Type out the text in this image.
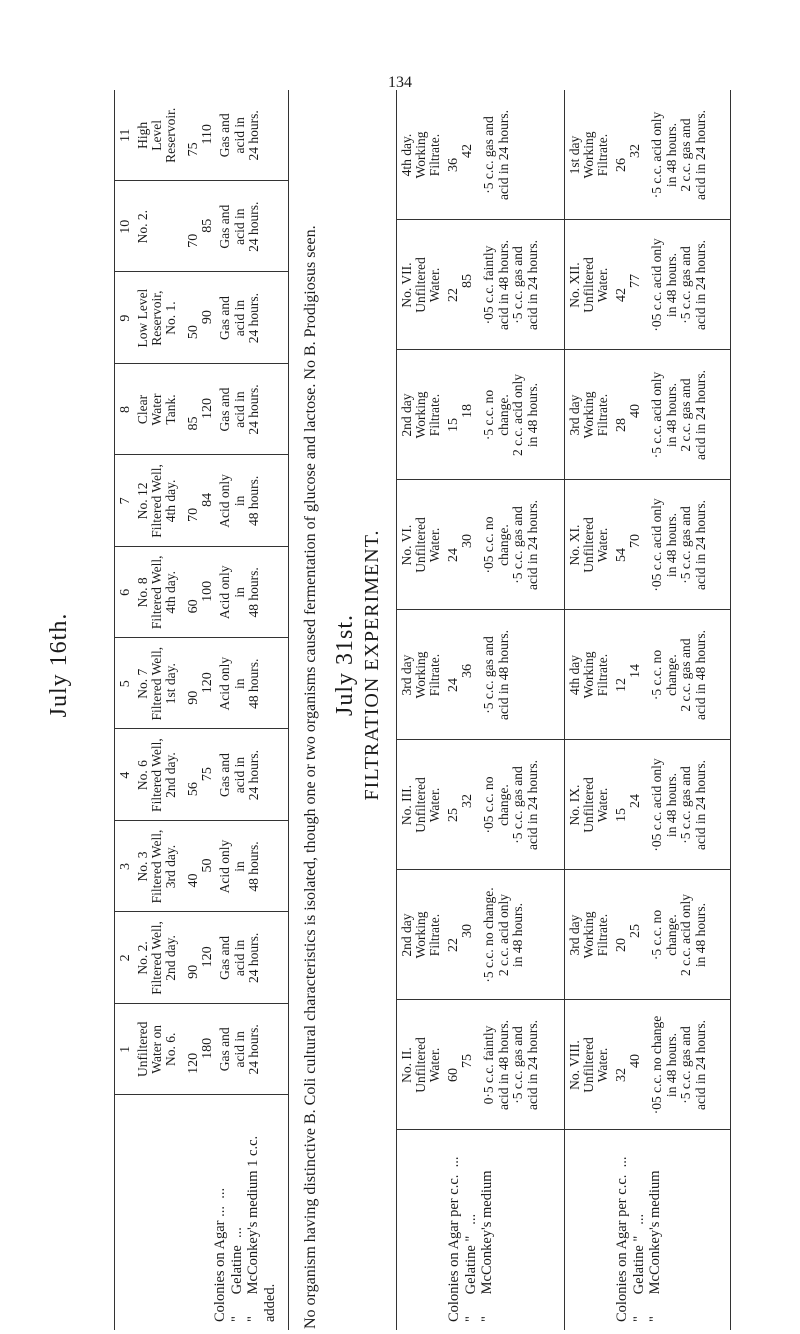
134
July 16th.
1 Unfiltered
Water on
No. 6.
120
180
Gas and
acid in
24 hours.
2 No. 2.
Filtered Well,
2nd day.
90
120
Gas and
acid in
24 hours.
3 No. 3
Filtered Well,
3rd day.
40
50
Acid only
in
48 hours.
4 No. 6
Filtered Well,
2nd day.
56
75
Gas and
acid in
24 hours.
5 No. 7
Filtered Well,
1st day.
90
120
Acid only
in
48 hours.
6 No. 8
Filtered Well,
4th day.
60
100
Acid only
in
48 hours.
7 No. 12
Filtered Well,
4th day.
70
84
Acid only
in
48 hours.
8 Clear
Water
Tank. 85
120
Gas and
acid in
24 hours.
9
Low Level
Reservoir,
No. 1.
50
90
Gas and
acid in
24 hours.
10 No. 2.	70
85
Gas and
acid in
24 hours.
11 High
Level
Reservoir. 75
110
Gas and
acid in
24 hours.
Colonies on Agar ...  ...
"      Gelatine  ...
"      McConkey's medium 1 c.c.
added. No organism having distinctive B. Coli cultural characteristics is isolated, though one or two organisms caused fermentation of glucose and lactose. No B. Prodigiosus seen. July 31st. FILTRATION EXPERIMENT.
Colonies on Agar per c.c.  ...
"      Gelatine "   ...
"      McConkey's medium
No. II.
Unfiltered
Water. 60
75
0·5 c.c. faintly
acid in 48 hours.
·5 c.c. gas and
acid in 24 hours.
2nd day
Working
Filtrate. 22
30
·5 c.c. no change.
2 c.c. acid only
in 48 hours.
No. III.
Unfiltered
Water. 25
32
·05 c.c. no
change.
·5 c.c. gas and
acid in 24 hours.
3rd day
Working
Filtrate. 24
36
·5 c.c. gas and
acid in 48 hours.
No. VI.
Unfiltered
Water. 24
30
·05 c.c. no
change.
·5 c.c. gas and
acid in 24 hours.
2nd day
Working
Filtrate. 15
18
·5 c.c. no
change.
2 c.c. acid only
in 48 hours.
No. VII.
Unfiltered
Water. 22
85
·05 c.c. faintly
acid in 48 hours.
·5 c.c. gas and
acid in 24 hours.
4th day.
Working
Filtrate. 36
42
·5 c.c. gas and
acid in 24 hours.
Colonies on Agar per c.c.  ...
"      Gelatine "   ...
"      McConkey's medium
No. VIII.
Unfiltered
Water. 32
40
·05 c.c. no change
in 48 hours.
·5 c.c. gas and
acid in 24 hours.
3rd day
Working
Filtrate. 20
25
·5 c.c. no
change.
2 c.c. acid only
in 48 hours.
No. IX.
Unfiltered
Water. 15
24
·05 c.c. acid only
in 48 hours.
·5 c.c. gas and
acid in 24 hours.
4th day
Working
Filtrate. 12
14
·5 c.c. no
change.
2 c.c. gas and
acid in 48 hours.
No. XI.
Unfiltered
Water. 54
70
·05 c.c. acid only
in 48 hours.
·5 c.c. gas and
acid in 24 hours.
3rd day
Working
Filtrate. 28
40
·5 c.c. acid only
in 48 hours.
2 c.c. gas and
acid in 24 hours.
No. XII.
Unfiltered
Water. 42
77
·05 c.c. acid only
in 48 hours.
·5 c.c. gas and
acid in 24 hours.
1st day
Working
Filtrate. 26
32
·5 c.c. acid only
in 48 hours.
2 c.c. gas and
acid in 24 hours.
